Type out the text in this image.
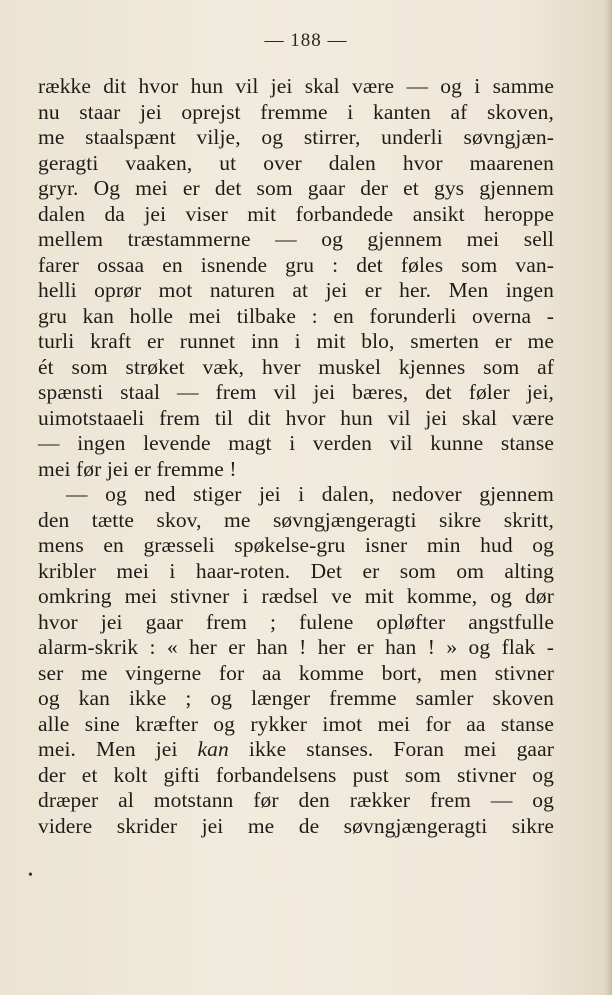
— 188 —
række dit hvor hun vil jei skal være — og i samme
nu staar jei oprejst fremme i kanten af skoven,
me staalspænt vilje, og stirrer, underli søvngjæn-
geragti vaaken, ut over dalen hvor maarenen
gryr. Og mei er det som gaar der et gys gjennem
dalen da jei viser mit forbandede ansikt heroppe
mellem træstammerne — og gjennem mei sell
farer ossaa en isnende gru : det føles som van-
helli oprør mot naturen at jei er her. Men ingen
gru kan holle mei tilbake : en forunderli overna -
turli kraft er runnet inn i mit blo, smerten er me
ét som strøket væk, hver muskel kjennes som af
spænsti staal — frem vil jei bæres, det føler jei,
uimotstaaeli frem til dit hvor hun vil jei skal være
— ingen levende magt i verden vil kunne stanse
mei før jei er fremme !
— og ned stiger jei i dalen, nedover gjennem
den tætte skov, me søvngjængeragti sikre skritt,
mens en græsseli spøkelse-gru isner min hud og
kribler mei i haar-roten. Det er som om alting
omkring mei stivner i rædsel ve mit komme, og dør
hvor jei gaar frem ; fulene opløfter angstfulle
alarm-skrik : « her er han ! her er han ! » og flak -
ser me vingerne for aa komme bort, men stivner
og kan ikke ; og længer fremme samler skoven
alle sine kræfter og rykker imot mei for aa stanse
mei. Men jei kan ikke stanses. Foran mei gaar
der et kolt gifti forbandelsens pust som stivner og
dræper al motstann før den rækker frem — og
videre skrider jei me de søvngjængeragti sikre
•
